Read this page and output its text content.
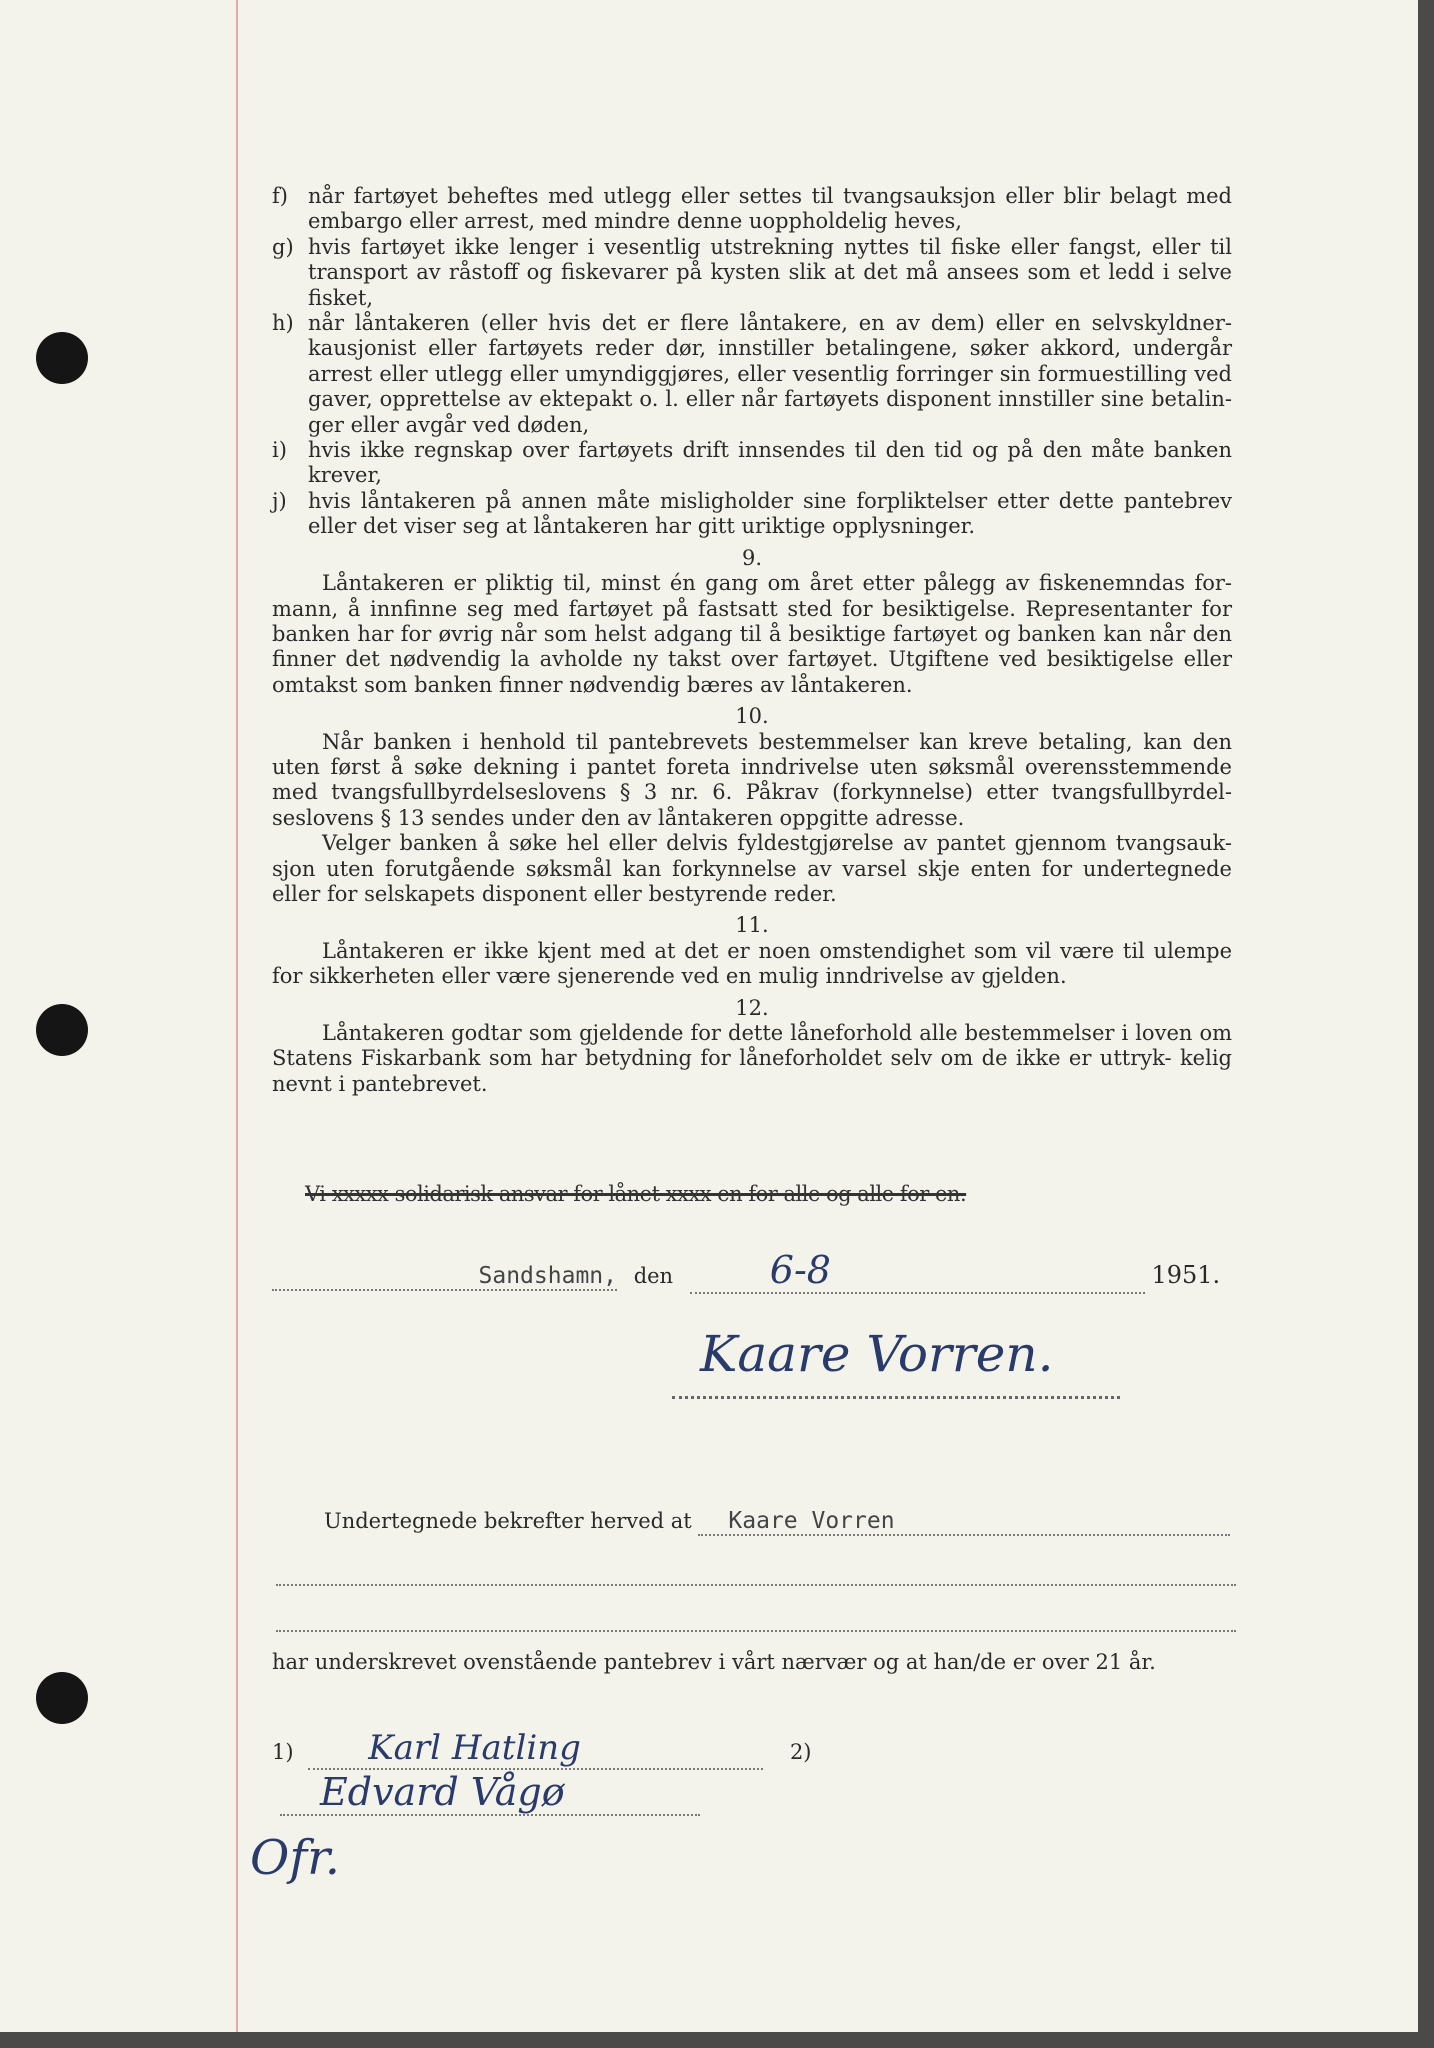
f) når fartøyet beheftes med utlegg eller settes til tvangsauksjon eller blir belagt med embargo eller arrest, med mindre denne uoppholdelig heves,
g) hvis fartøyet ikke lenger i vesentlig utstrekning nyttes til fiske eller fangst, eller til transport av råstoff og fiskevarer på kysten slik at det må ansees som et ledd i selve fisket,
h) når låntakeren (eller hvis det er flere låntakere, en av dem) eller en selvskyldner- kausjonist eller fartøyets reder dør, innstiller betalingene, søker akkord, undergår arrest eller utlegg eller umyndiggjøres, eller vesentlig forringer sin formuestilling ved gaver, opprettelse av ektepakt o. l. eller når fartøyets disponent innstiller sine betalin- ger eller avgår ved døden,
i)	hvis ikke regnskap over fartøyets drift innsendes til den tid og på den måte banken krever,
j)	hvis låntakeren på annen måte misligholder sine forpliktelser etter dette pantebrev eller det viser seg at låntakeren har gitt uriktige opplysninger.
9.
Låntakeren er pliktig til, minst én gang om året etter pålegg av fiskenemndas for- mann, å innfinne seg med fartøyet på fastsatt sted for besiktigelse. Representanter for banken har for øvrig når som helst adgang til å besiktige fartøyet og banken kan når den finner det nødvendig la avholde ny takst over fartøyet. Utgiftene ved besiktigelse eller omtakst som banken finner nødvendig bæres av låntakeren.
10.
Når banken i henhold til pantebrevets bestemmelser kan kreve betaling, kan den uten først å søke dekning i pantet foreta inndrivelse uten søksmål overensstemmende med tvangsfullbyrdelseslovens § 3 nr. 6. Påkrav (forkynnelse) etter tvangsfullbyrdel- seslovens § 13 sendes under den av låntakeren oppgitte adresse.
Velger banken å søke hel eller delvis fyldestgjørelse av pantet gjennom tvangsauk- sjon uten forutgående søksmål kan forkynnelse av varsel skje enten for undertegnede eller for selskapets disponent eller bestyrende reder.
11.
Låntakeren er ikke kjent med at det er noen omstendighet som vil være til ulempe for sikkerheten eller være sjenerende ved en mulig inndrivelse av gjelden.
12.
Låntakeren godtar som gjeldende for dette låneforhold alle bestemmelser i loven om Statens Fiskarbank som har betydning for låneforholdet selv om de ikke er uttryk- kelig nevnt i pantebrevet.
Vi xxxxx solidarisk ansvar for lånet xxxx en for alle og alle for en.
Sandshamn, den	6-8	1951.
Kaare Vorren.
Undertegnede bekrefter herved at Kaare Vorren
har underskrevet ovenstående pantebrev i vårt nærvær og at han/de er over 21 år.
1) Karl Hatling	2) Edvard Vågø
Ofr.
